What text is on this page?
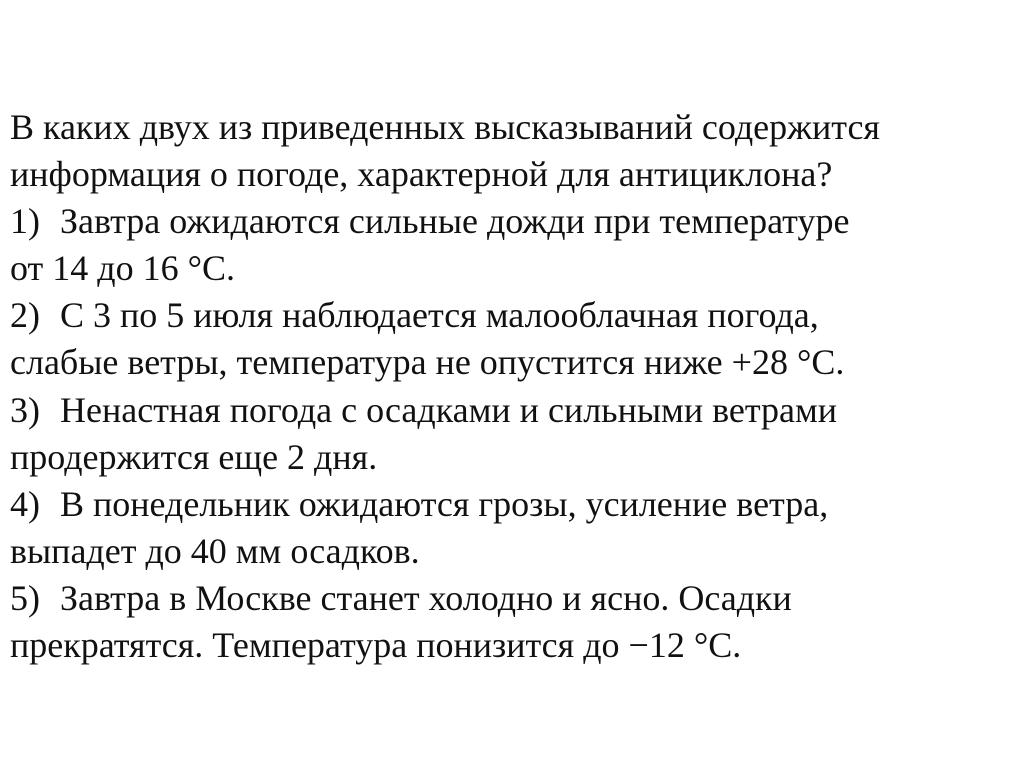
В каких двух из приведенных высказываний содержится
информация о погоде, характерной для антициклона?
1) Завтра ожидаются сильные дожди при температуре
от 14 до 16 °C.
2) С 3 по 5 июля наблюдается малооблачная погода,
слабые ветры, температура не опустится ниже +28 °C.
3) Ненастная погода с осадками и сильными ветрами
продержится еще 2 дня.
4) В понедельник ожидаются грозы, усиление ветра,
выпадет до 40 мм осадков.
5) Завтра в Москве станет холодно и ясно. Осадки
прекратятся. Температура понизится до −12 °C.
